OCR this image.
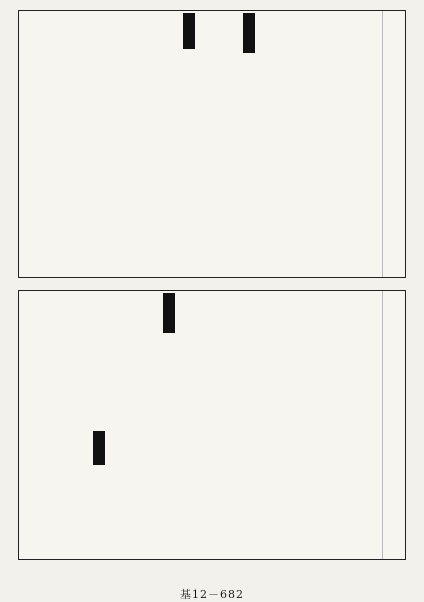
基12－682
